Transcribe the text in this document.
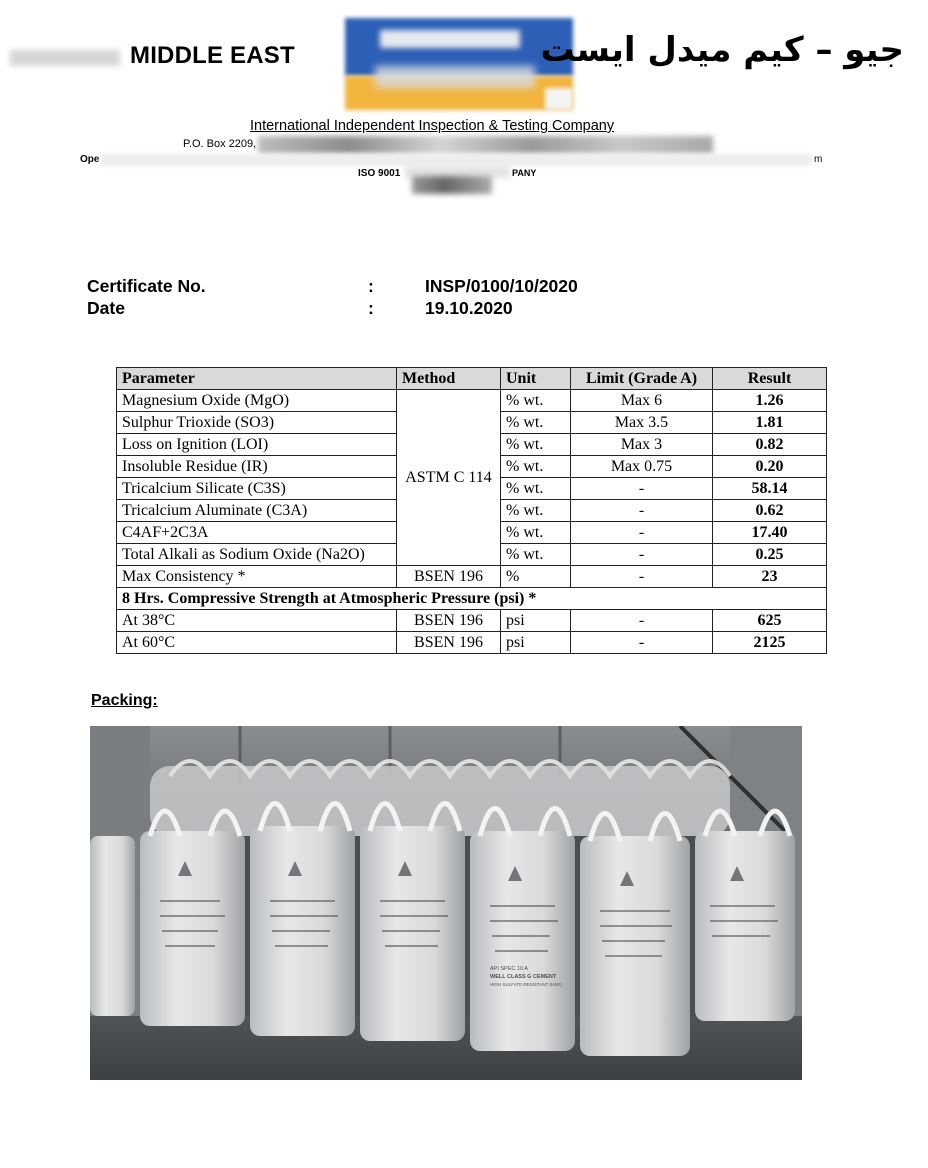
MIDDLE EAST	جيو – كيم ميدل ايست
International Independent Inspection & Testing Company
P.O. Box 2209,
Ope	m
ISO 9001	PANY
Certificate No.	:	INSP/0100/10/2020
Date	:	19.10.2020
Parameter	Method	Unit	Limit (Grade A)	Result
Magnesium Oxide (MgO)	ASTM C 114	% wt.	Max 6	1.26
Sulphur Trioxide (SO3)		% wt.	Max 3.5	1.81
Loss on Ignition (LOI)		% wt.	Max 3	0.82
Insoluble Residue (IR)		% wt.	Max 0.75	0.20
Tricalcium Silicate (C3S)		% wt.	-	58.14
Tricalcium Aluminate (C3A)		% wt.	-	0.62
C4AF+2C3A		% wt.	-	17.40
Total Alkali as Sodium Oxide (Na2O)		% wt.	-	0.25
Max Consistency *	BSEN 196	%	-	23
8 Hrs. Compressive Strength at Atmospheric Pressure (psi) *				
At 38°C	BSEN 196	psi	-	625
At 60°C	BSEN 196	psi	-	2125
Packing:
API SPEC 10 A
WELL CLASS G CEMENT
HIGH SULFATE RESISTANT (HSR)
